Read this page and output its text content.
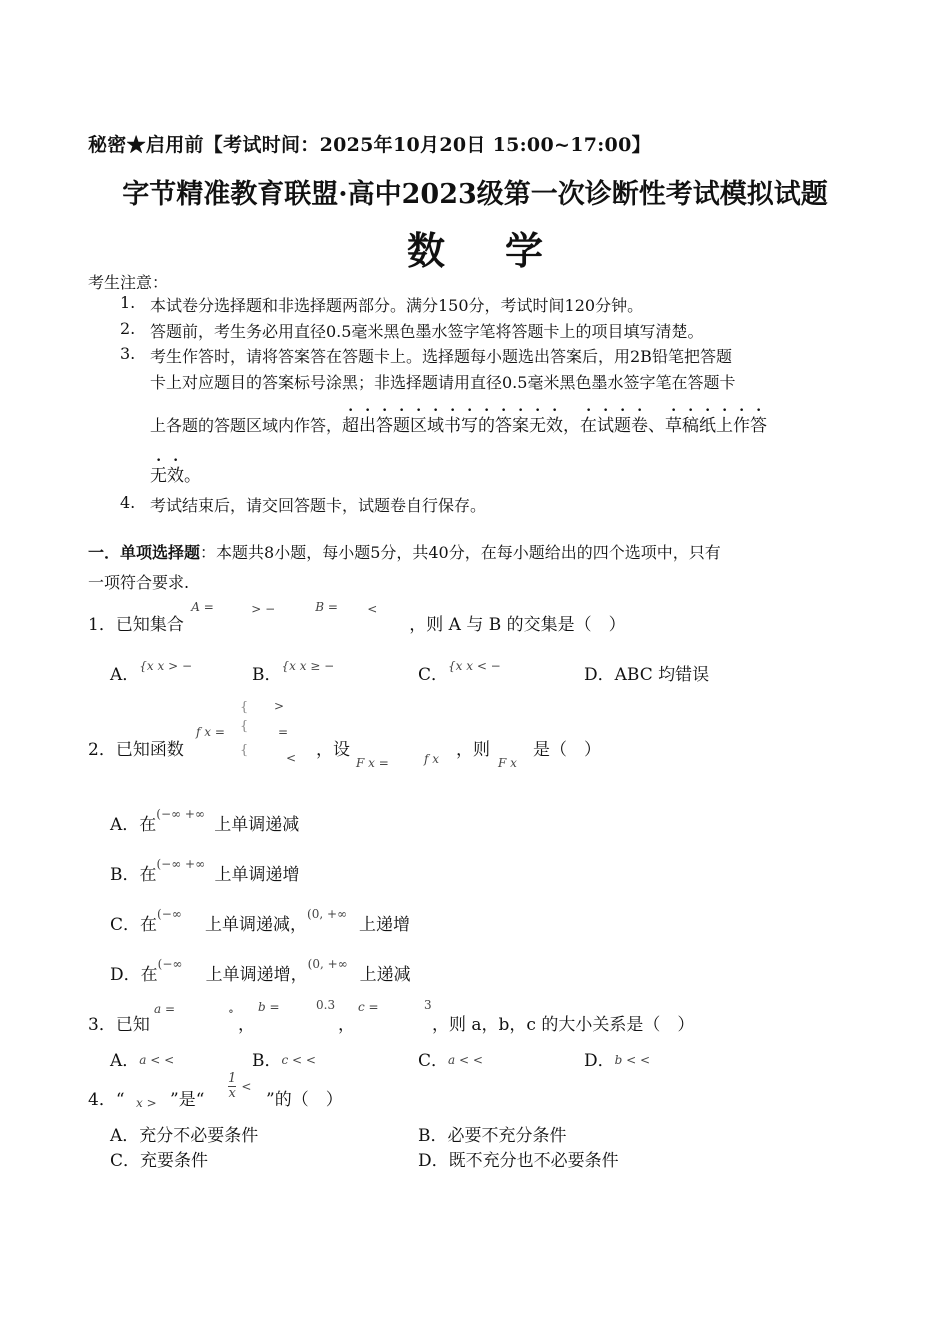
秘密★启用前【考试时间：2025年10月20日 15:00~17:00】
字节精准教育联盟·高中2023级第一次诊断性考试模拟试题
数学
考生注意：
1. 本试卷分选择题和非选择题两部分。满分150分，考试时间120分钟。
2. 答题前，考生务必用直径0.5毫米黑色墨水签字笔将答题卡上的项目填写清楚。
3. 考生作答时，请将答案答在答题卡上。选择题每小题选出答案后，用2B铅笔把答题
卡上对应题目的答案标号涂黑；非选择题请用直径0.5毫米黑色墨水签字笔在答题卡
上各题的答题区域内作答，超出答题区域书写的答案无效，在试题卷、草稿纸上作答
无效。
4. 考试结束后，请交回答题卡，试题卷自行保存。
一．单项选择题：本题共8小题，每小题5分，共40分，在每小题给出的四个选项中，只有
一项符合要求.
1．已知集合
A =	> −	B = <
，则 A 与 B 的交集是（　）
A．$^{\{x x > -}$	B．$^{\{x x \ge -}$	C．$^{\{x x < -}$	D．ABC 均错误
2．已知函数
f x =
{
{
{
>
=
< ，设
F x =	f x ，则
F x
是（　）
A．在(−∞ +∞上单调递减
B．在(−∞ +∞上单调递增
C．在(−∞上单调递减，(0, +∞上递增
D．在(−∞上单调递增，(0, +∞上递减
3．已知
a =	∘
，
b =	0.3
，
c =	3
，则 a，b，c 的大小关系是（　）
A．a < <	B．c < <	C．a < <	D．b < <
4．“ x > ”是“ $\frac{1}{x}$ <
”的（　）
A．充分不必要条件	B．必要不充分条件
C．充要条件	D．既不充分也不必要条件
